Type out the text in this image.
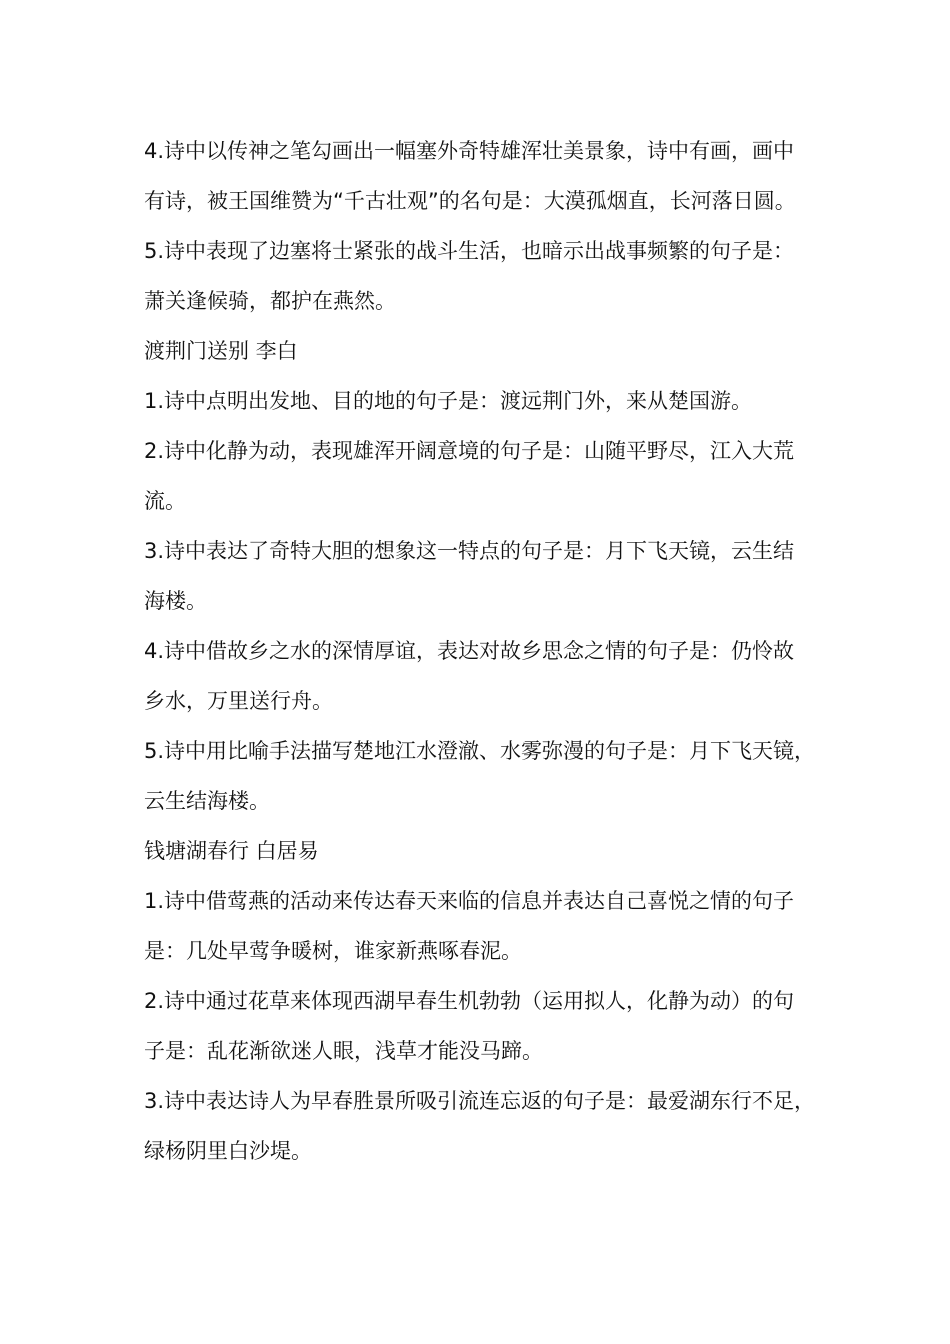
4.诗中以传神之笔勾画出一幅塞外奇特雄浑壮美景象，诗中有画，画中
有诗，被王国维赞为“千古壮观”的名句是：大漠孤烟直，长河落日圆。
5.诗中表现了边塞将士紧张的战斗生活，也暗示出战事频繁的句子是：
萧关逢候骑，都护在燕然。
渡荆门送别 李白
1.诗中点明出发地、目的地的句子是：渡远荆门外，来从楚国游。
2.诗中化静为动，表现雄浑开阔意境的句子是：山随平野尽，江入大荒
流。
3.诗中表达了奇特大胆的想象这一特点的句子是：月下飞天镜，云生结
海楼。
4.诗中借故乡之水的深情厚谊，表达对故乡思念之情的句子是：仍怜故
乡水，万里送行舟。
5.诗中用比喻手法描写楚地江水澄澈、水雾弥漫的句子是：月下飞天镜，
云生结海楼。
钱塘湖春行 白居易
1.诗中借莺燕的活动来传达春天来临的信息并表达自己喜悦之情的句子
是：几处早莺争暖树，谁家新燕啄春泥。
2.诗中通过花草来体现西湖早春生机勃勃（运用拟人，化静为动）的句
子是：乱花渐欲迷人眼，浅草才能没马蹄。
3.诗中表达诗人为早春胜景所吸引流连忘返的句子是：最爱湖东行不足，
绿杨阴里白沙堤。
